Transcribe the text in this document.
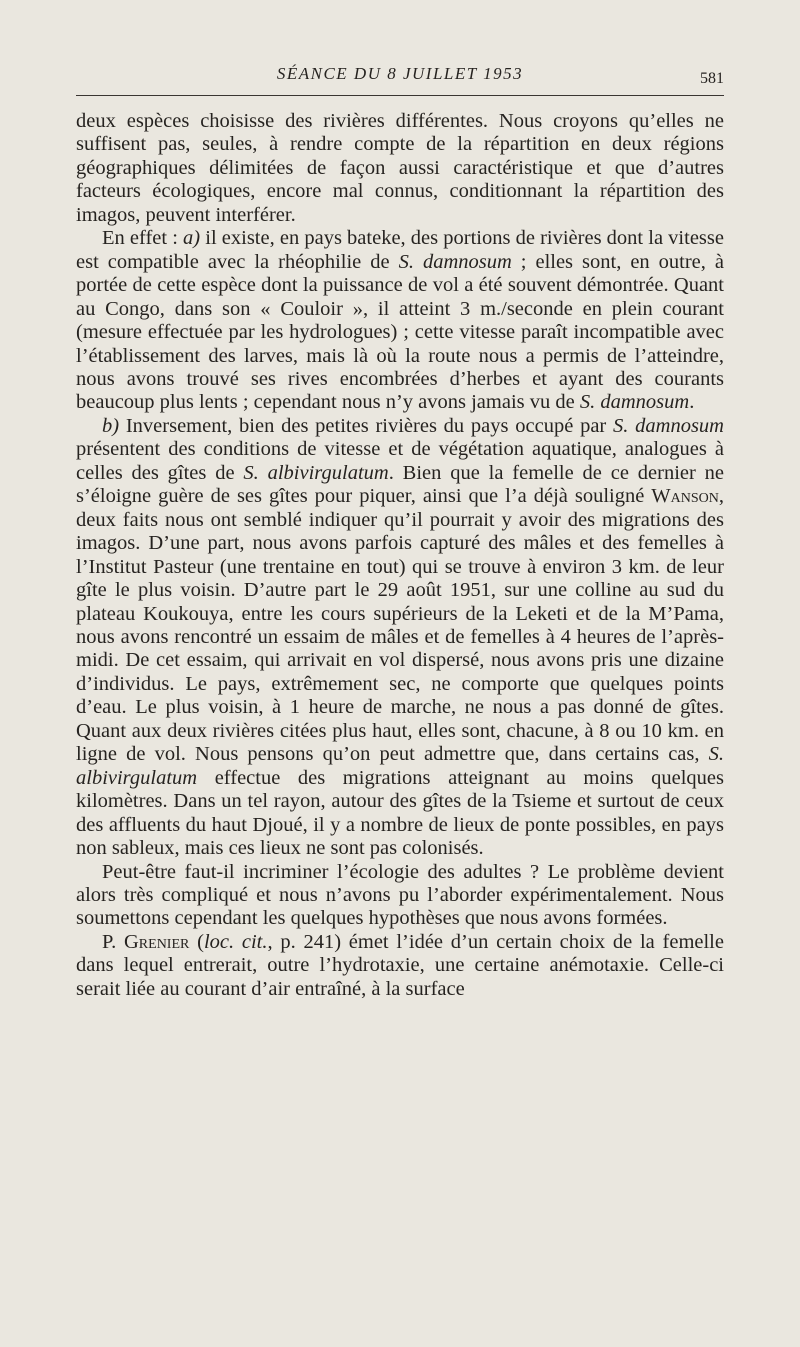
SÉANCE DU 8 JUILLET 1953	581

deux espèces choisisse des rivières différentes. Nous croyons qu’elles ne suffisent pas, seules, à rendre compte de la répartition en deux régions géographiques délimitées de façon aussi caractéristique et que d’autres facteurs écologiques, encore mal connus, conditionnant la répartition des imagos, peuvent interférer.

En effet : a) il existe, en pays bateke, des portions de rivières dont la vitesse est compatible avec la rhéophilie de S. damnosum ; elles sont, en outre, à portée de cette espèce dont la puissance de vol a été souvent démontrée. Quant au Congo, dans son « Couloir », il atteint 3 m./seconde en plein courant (mesure effectuée par les hydrologues) ; cette vitesse paraît incompatible avec l’établissement des larves, mais là où la route nous a permis de l’atteindre, nous avons trouvé ses rives encombrées d’herbes et ayant des courants beaucoup plus lents ; cependant nous n’y avons jamais vu de S. damnosum.

b) Inversement, bien des petites rivières du pays occupé par S. damnosum présentent des conditions de vitesse et de végétation aquatique, analogues à celles des gîtes de S. albivirgulatum. Bien que la femelle de ce dernier ne s’éloigne guère de ses gîtes pour piquer, ainsi que l’a déjà souligné Wanson, deux faits nous ont semblé indiquer qu’il pourrait y avoir des migrations des imagos. D’une part, nous avons parfois capturé des mâles et des femelles à l’Institut Pasteur (une trentaine en tout) qui se trouve à environ 3 km. de leur gîte le plus voisin. D’autre part le 29 août 1951, sur une colline au sud du plateau Koukouya, entre les cours supérieurs de la Leketi et de la M’Pama, nous avons rencontré un essaim de mâles et de femelles à 4 heures de l’après-midi. De cet essaim, qui arrivait en vol dispersé, nous avons pris une dizaine d’individus. Le pays, extrêmement sec, ne comporte que quelques points d’eau. Le plus voisin, à 1 heure de marche, ne nous a pas donné de gîtes. Quant aux deux rivières citées plus haut, elles sont, chacune, à 8 ou 10 km. en ligne de vol. Nous pensons qu’on peut admettre que, dans certains cas, S. albivirgulatum effectue des migrations atteignant au moins quelques kilomètres. Dans un tel rayon, autour des gîtes de la Tsieme et surtout de ceux des affluents du haut Djoué, il y a nombre de lieux de ponte possibles, en pays non sableux, mais ces lieux ne sont pas colonisés.

Peut-être faut-il incriminer l’écologie des adultes ? Le problème devient alors très compliqué et nous n’avons pu l’aborder expérimentalement. Nous soumettons cependant les quelques hypothèses que nous avons formées.

P. Grenier (loc. cit., p. 241) émet l’idée d’un certain choix de la femelle dans lequel entrerait, outre l’hydrotaxie, une certaine anémotaxie. Celle-ci serait liée au courant d’air entraîné, à la surface
